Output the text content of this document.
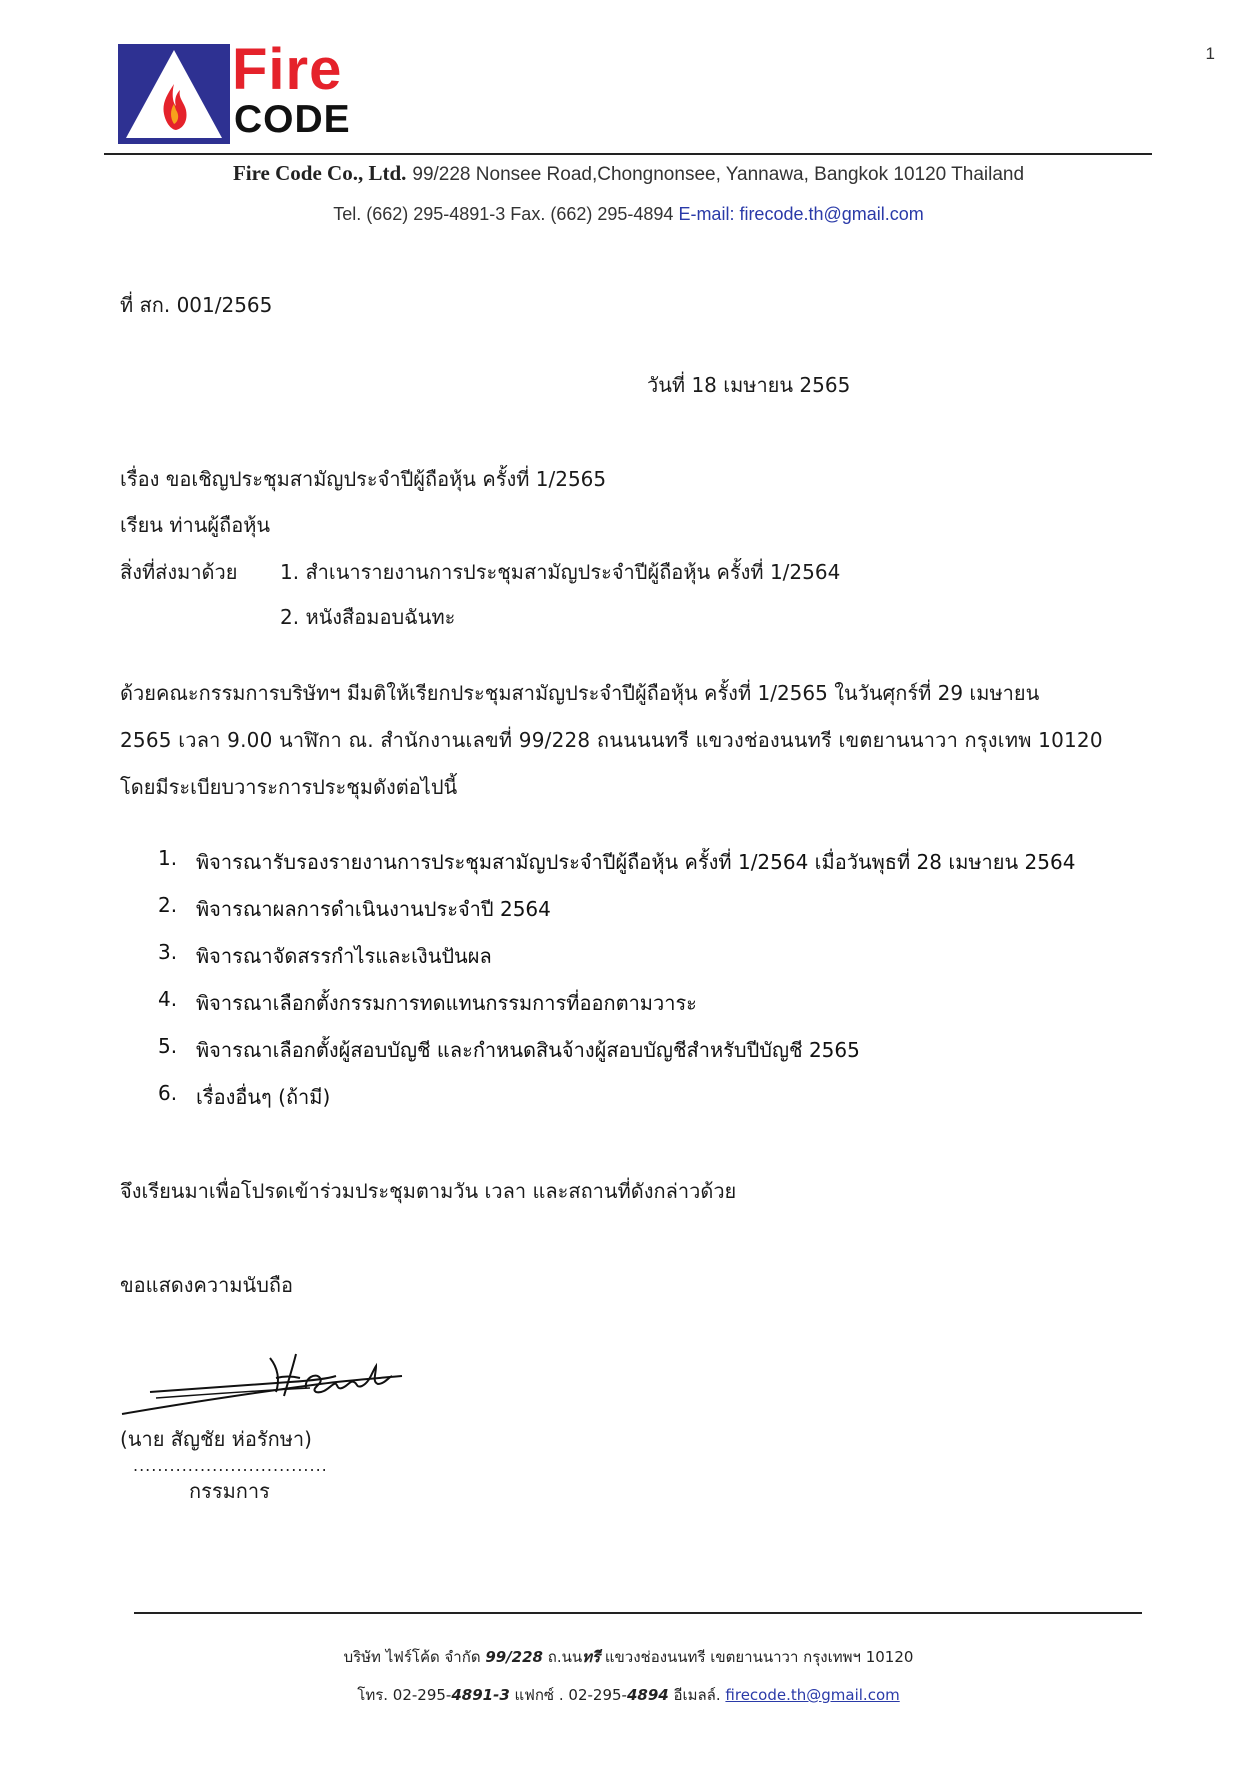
1
Fire
CODE
Fire Code Co., Ltd. 99/228 Nonsee Road,Chongnonsee, Yannawa, Bangkok 10120 Thailand
Tel. (662) 295-4891-3 Fax. (662) 295-4894 E-mail: firecode.th@gmail.com
ที่ สก. 001/2565
วันที่ 18 เมษายน 2565
เรื่อง ขอเชิญประชุมสามัญประจำปีผู้ถือหุ้น ครั้งที่ 1/2565
เรียน ท่านผู้ถือหุ้น
สิ่งที่ส่งมาด้วย 1. สำเนารายงานการประชุมสามัญประจำปีผู้ถือหุ้น ครั้งที่ 1/2564
2. หนังสือมอบฉันทะ
ด้วยคณะกรรมการบริษัทฯ มีมติให้เรียกประชุมสามัญประจำปีผู้ถือหุ้น ครั้งที่ 1/2565 ในวันศุกร์ที่ 29 เมษายน
2565 เวลา 9.00 นาฬิกา ณ. สำนักงานเลขที่ 99/228 ถนนนนทรี แขวงช่องนนทรี เขตยานนาวา กรุงเทพ 10120
โดยมีระเบียบวาระการประชุมดังต่อไปนี้
1. พิจารณารับรองรายงานการประชุมสามัญประจำปีผู้ถือหุ้น ครั้งที่ 1/2564 เมื่อวันพุธที่ 28 เมษายน 2564
2. พิจารณาผลการดำเนินงานประจำปี 2564
3. พิจารณาจัดสรรกำไรและเงินปันผล
4. พิจารณาเลือกตั้งกรรมการทดแทนกรรมการที่ออกตามวาระ
5. พิจารณาเลือกตั้งผู้สอบบัญชี และกำหนดสินจ้างผู้สอบบัญชีสำหรับปีบัญชี 2565
6. เรื่องอื่นๆ (ถ้ามี)
จึงเรียนมาเพื่อโปรดเข้าร่วมประชุมตามวัน เวลา และสถานที่ดังกล่าวด้วย
ขอแสดงความนับถือ
(นาย สัญชัย ห่อรักษา)
................................
กรรมการ
บริษัท ไฟร์โค้ด จำกัด 99/228 ถ.นนทรี แขวงช่องนนทรี เขตยานนาวา กรุงเทพฯ 10120
โทร. 02-295-4891-3 แฟกซ์ . 02-295-4894 อีเมลล์. firecode.th@gmail.com
